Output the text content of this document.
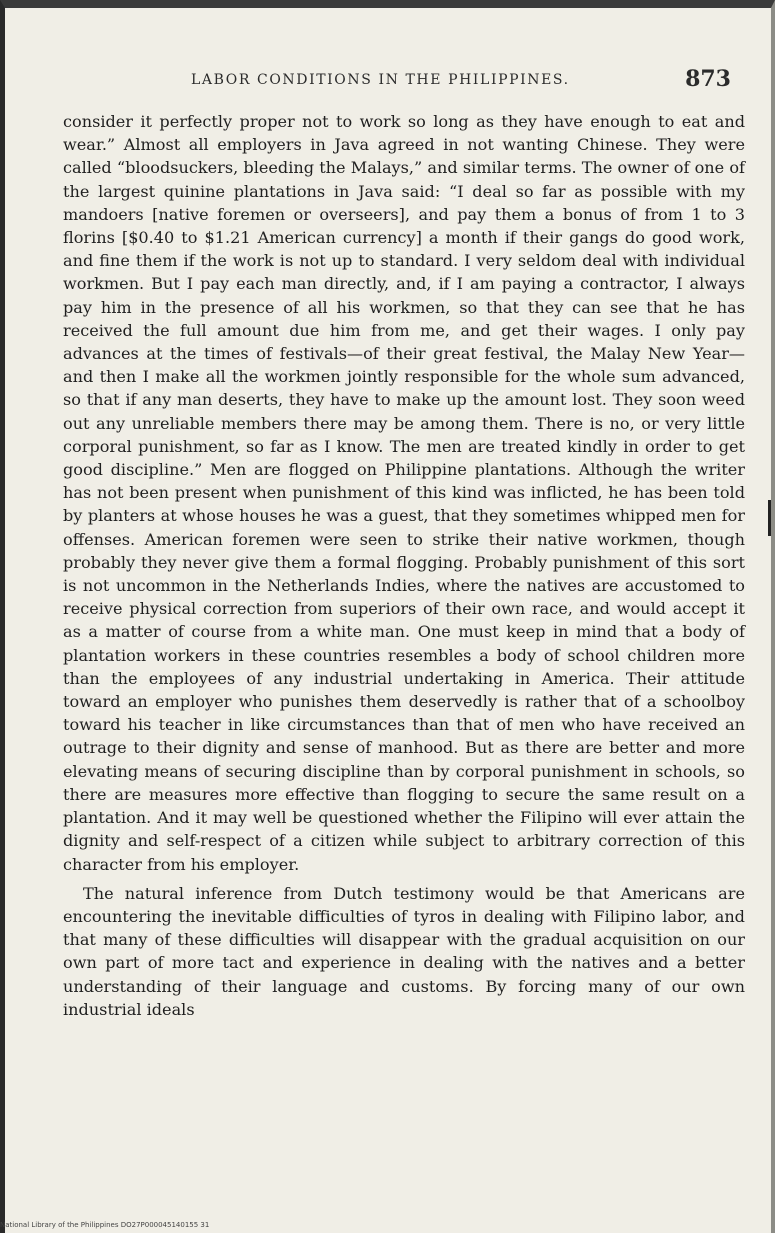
LABOR CONDITIONS IN THE PHILIPPINES.	873

consider it perfectly proper not to work so long as they have enough to eat and wear.” Almost all employers in Java agreed in not wanting Chinese. They were called “bloodsuckers, bleeding the Malays,” and similar terms. The owner of one of the largest quinine plantations in Java said: “I deal so far as possible with my mandoers [native foremen or overseers], and pay them a bonus of from 1 to 3 florins [$0.40 to $1.21 American currency] a month if their gangs do good work, and fine them if the work is not up to standard. I very seldom deal with individual workmen. But I pay each man directly, and, if I am paying a contractor, I always pay him in the presence of all his workmen, so that they can see that he has received the full amount due him from me, and get their wages. I only pay advances at the times of festivals—of their great festival, the Malay New Year—and then I make all the workmen jointly responsible for the whole sum advanced, so that if any man deserts, they have to make up the amount lost. They soon weed out any unreliable members there may be among them. There is no, or very little corporal punishment, so far as I know. The men are treated kindly in order to get good discipline.” Men are flogged on Philippine plantations. Although the writer has not been present when punishment of this kind was inflicted, he has been told by planters at whose houses he was a guest, that they sometimes whipped men for offenses. American foremen were seen to strike their native workmen, though probably they never give them a formal flogging. Probably punishment of this sort is not uncommon in the Netherlands Indies, where the natives are accustomed to receive physical correction from superiors of their own race, and would accept it as a matter of course from a white man. One must keep in mind that a body of plantation workers in these countries resembles a body of school children more than the employees of any industrial undertaking in America. Their attitude toward an employer who punishes them deservedly is rather that of a schoolboy toward his teacher in like circumstances than that of men who have received an outrage to their dignity and sense of manhood. But as there are better and more elevating means of securing discipline than by corporal punishment in schools, so there are measures more effective than flogging to secure the same result on a plantation. And it may well be questioned whether the Filipino will ever attain the dignity and self-respect of a citizen while subject to arbitrary correction of this character from his employer.

The natural inference from Dutch testimony would be that Americans are encountering the inevitable difficulties of tyros in dealing with Filipino labor, and that many of these difficulties will disappear with the gradual acquisition on our own part of more tact and experience in dealing with the natives and a better understanding of their language and customs. By forcing many of our own industrial ideals

National Library of the Philippines DO27P000045140155 31
